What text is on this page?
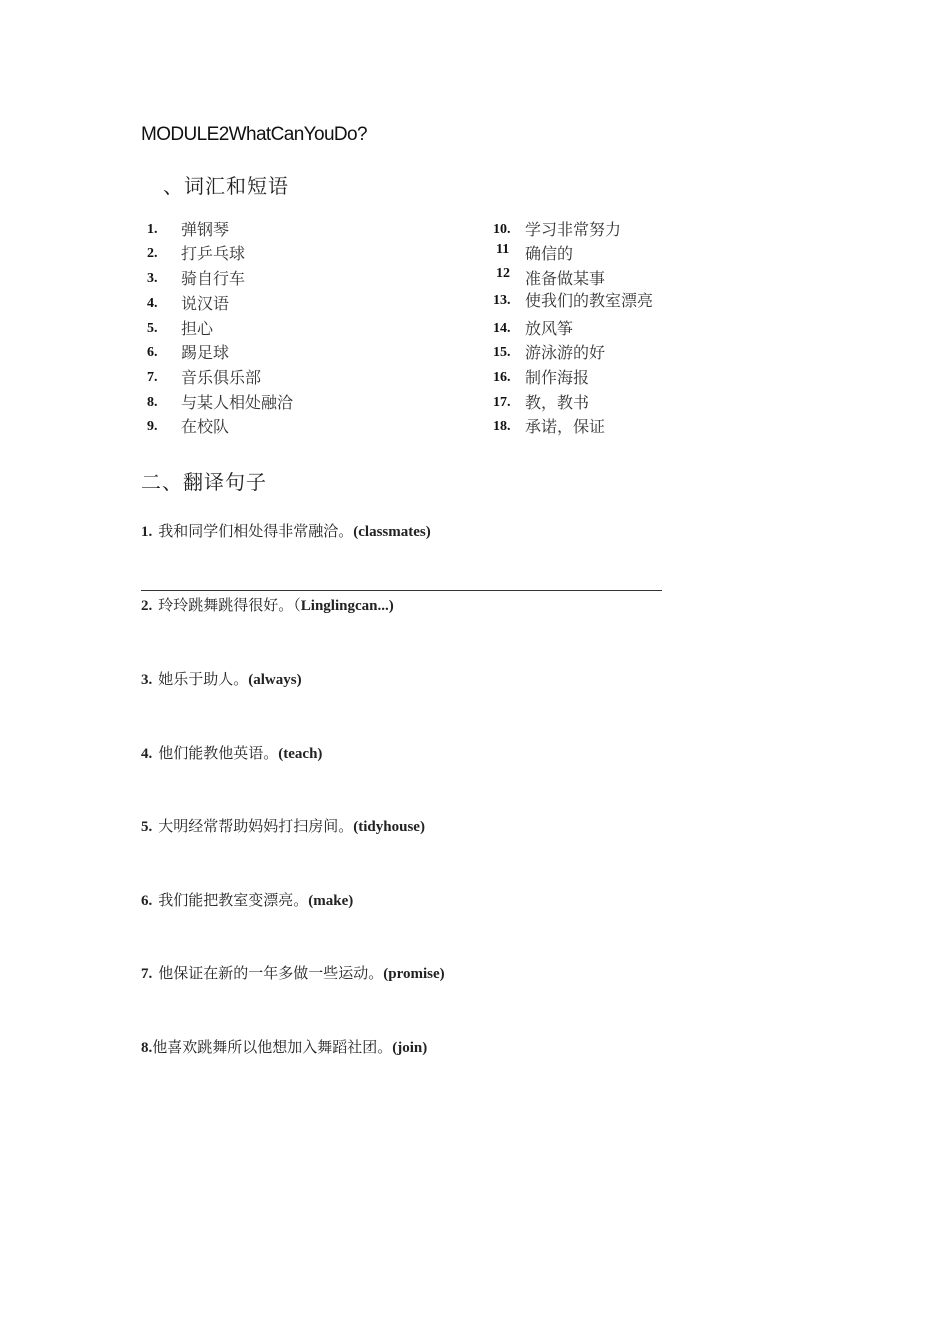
MODULE2WhatCanYouDo?
、词汇和短语
1. 弹钢琴
2. 打乒乓球
3. 骑自行车
4. 说汉语
5. 担心
6. 踢足球
7. 音乐俱乐部
8. 与某人相处融洽
9. 在校队
10. 学习非常努力
11 确信的
12 准备做某事
13. 使我们的教室漂亮
14. 放风筝
15. 游泳游的好
16. 制作海报
17. 教，教书
18. 承诺，保证
二、翻译句子
1. 我和同学们相处得非常融洽。(classmates)
2. 玲玲跳舞跳得很好。（Linglingcan...)
3. 她乐于助人。(always)
4. 他们能教他英语。(teach)
5. 大明经常帮助妈妈打扫房间。(tidyhouse)
6. 我们能把教室变漂亮。(make)
7. 他保证在新的一年多做一些运动。(promise)
8.他喜欢跳舞所以他想加入舞蹈社团。(join)
